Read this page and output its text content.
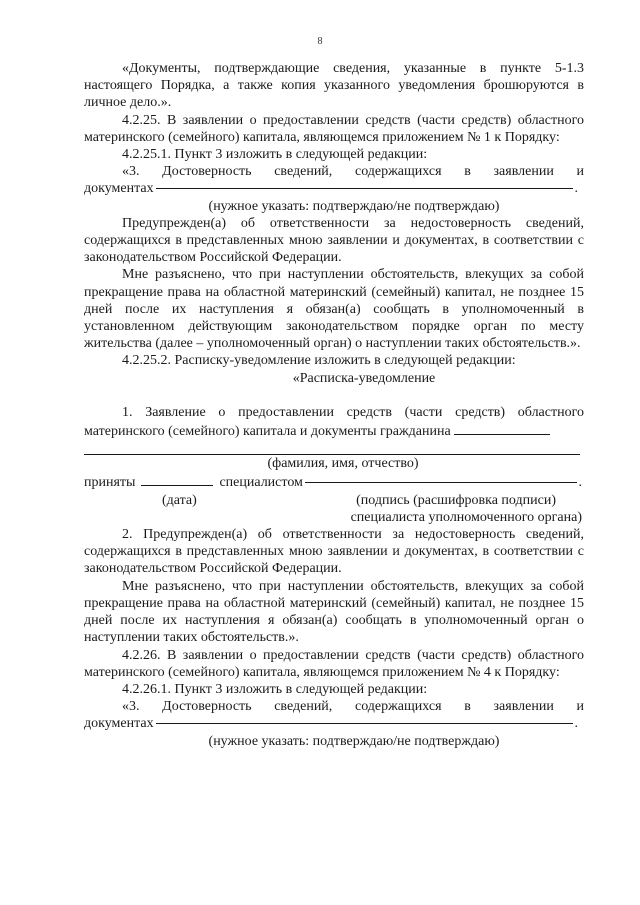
8

«Документы, подтверждающие сведения, указанные в пункте 5-1.3 настоящего Порядка, а также копия указанного уведомления брошюруются в личное дело.».

4.2.25. В заявлении о предоставлении средств (части средств) областного материнского (семейного) капитала, являющемся приложением № 1 к Порядку:

4.2.25.1. Пункт 3 изложить в следующей редакции:

«3. Достоверность сведений, содержащихся в заявлении и

документах	.

(нужное указать: подтверждаю/не подтверждаю)

Предупрежден(а) об ответственности за недостоверность сведений, содержащихся в представленных мною заявлении и документах, в соответствии с законодательством Российской Федерации.

Мне разъяснено, что при наступлении обстоятельств, влекущих за собой прекращение права на областной материнский (семейный) капитал, не позднее 15 дней после их наступления я обязан(а) сообщать в уполномоченный в установленном действующим законодательством порядке орган по месту жительства (далее – уполномоченный орган) о наступлении таких обстоятельств.».

4.2.25.2. Расписку-уведомление изложить в следующей редакции:

«Расписка-уведомление

1. Заявление о предоставлении средств (части средств) областного материнского (семейного) капитала и документы гражданина

(фамилия, имя, отчество)

приняты	специалистом	.
(дата)	(подпись (расшифровка подписи)

специалиста уполномоченного органа)

2. Предупрежден(а) об ответственности за недостоверность сведений, содержащихся в представленных мною заявлении и документах, в соответствии с законодательством Российской Федерации.

Мне разъяснено, что при наступлении обстоятельств, влекущих за собой прекращение права на областной материнский (семейный) капитал, не позднее 15 дней после их наступления я обязан(а) сообщать в уполномоченный орган о наступлении таких обстоятельств.».

4.2.26. В заявлении о предоставлении средств (части средств) областного материнского (семейного) капитала, являющемся приложением № 4 к Порядку:

4.2.26.1. Пункт 3 изложить в следующей редакции:

«3. Достоверность сведений, содержащихся в заявлении и

документах	.

(нужное указать: подтверждаю/не подтверждаю)
